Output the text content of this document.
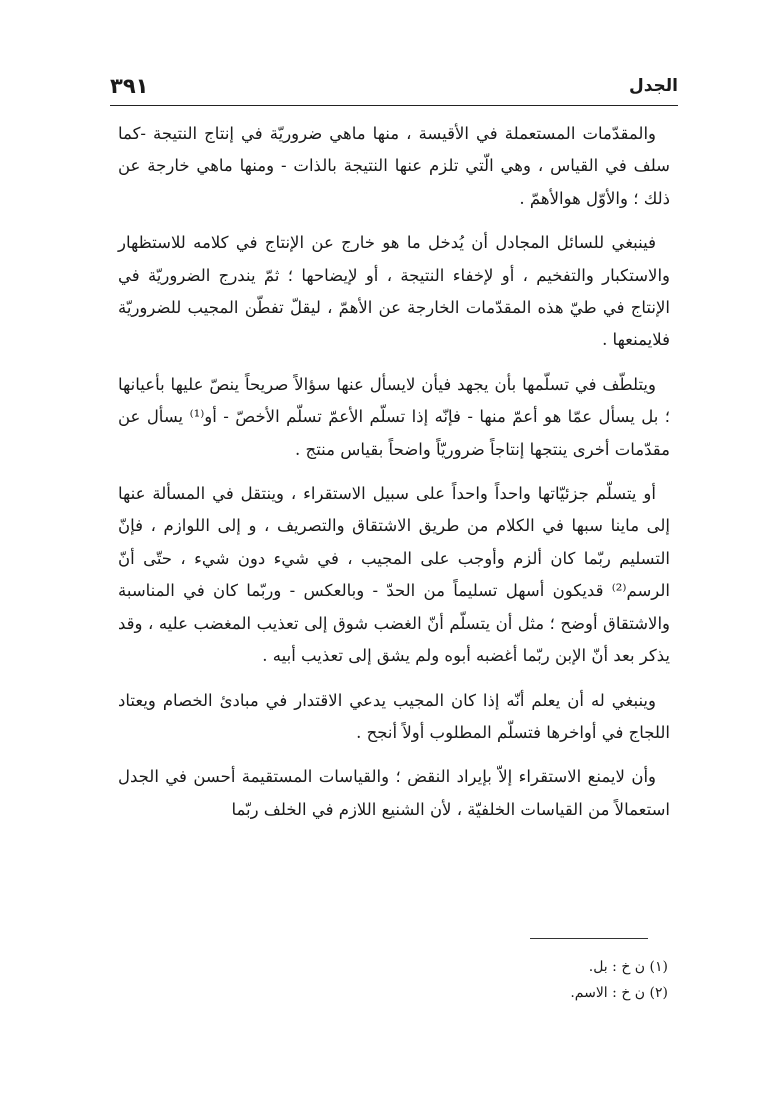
الجدل
٣٩١

والمقدّمات المستعملة في الأقيسة ، منها ماهي ضروريّة في إنتاج النتيجة -كما سلف في القياس ، وهي الّتي تلزم عنها النتيجة بالذات - ومنها ماهي خارجة عن ذلك ؛ والأوّل هوالأهمّ .

فينبغي للسائل المجادل أن يُدخل ما هو خارج عن الإنتاج في كلامه للاستظهار والاستكبار والتفخيم ، أو لإخفاء النتيجة ، أو لإيضاحها ؛ ثمّ يندرج الضروريّة في الإنتاج في طيّ هذه المقدّمات الخارجة عن الأهمّ ، ليقلّ تفطّن المجيب للضروريّة فلايمنعها .

ويتلطّف في تسلّمها بأن يجهد فيأن لايسأل عنها سؤالاً صريحاً ينصّ عليها بأعيانها ؛ بل يسأل عمّا هو أعمّ منها - فإنّه إذا تسلّم الأعمّ تسلّم الأخصّ - أو⁽¹⁾ يسأل عن مقدّمات أخرى ينتجها إنتاجاً ضروريّاً واضحاً بقياس منتج .

أو يتسلّم جزئيّاتها واحداً واحداً على سبيل الاستقراء ، وينتقل في المسألة عنها إلى ماينا سبها في الكلام من طريق الاشتقاق والتصريف ، و إلى اللوازم ، فإنّ التسليم ربّما كان ألزم وأوجب على المجيب ، في شيء دون شيء ، حتّى أنّ الرسم⁽²⁾ قديكون أسهل تسليماً من الحدّ - وبالعكس - وربّما كان في المناسبة والاشتقاق أوضح ؛ مثل أن يتسلّم أنّ الغضب شوق إلى تعذيب المغضب عليه ، وقد يذكر بعد أنّ الإبن ربّما أغضبه أبوه ولم يشق إلى تعذيب أبيه .

وينبغي له أن يعلم أنّه إذا كان المجيب يدعي الاقتدار في مبادئ الخصام ويعتاد اللجاج في أواخرها فتسلّم المطلوب أولاً أنجح .

وأن لايمنع الاستقراء إلاّ بإيراد النقض ؛ والقياسات المستقيمة أحسن في الجدل استعمالاً من القياسات الخلفيّة ، لأن الشنيع اللازم في الخلف ربّما

(١) ن خ : بل.
(٢) ن خ : الاسم.
